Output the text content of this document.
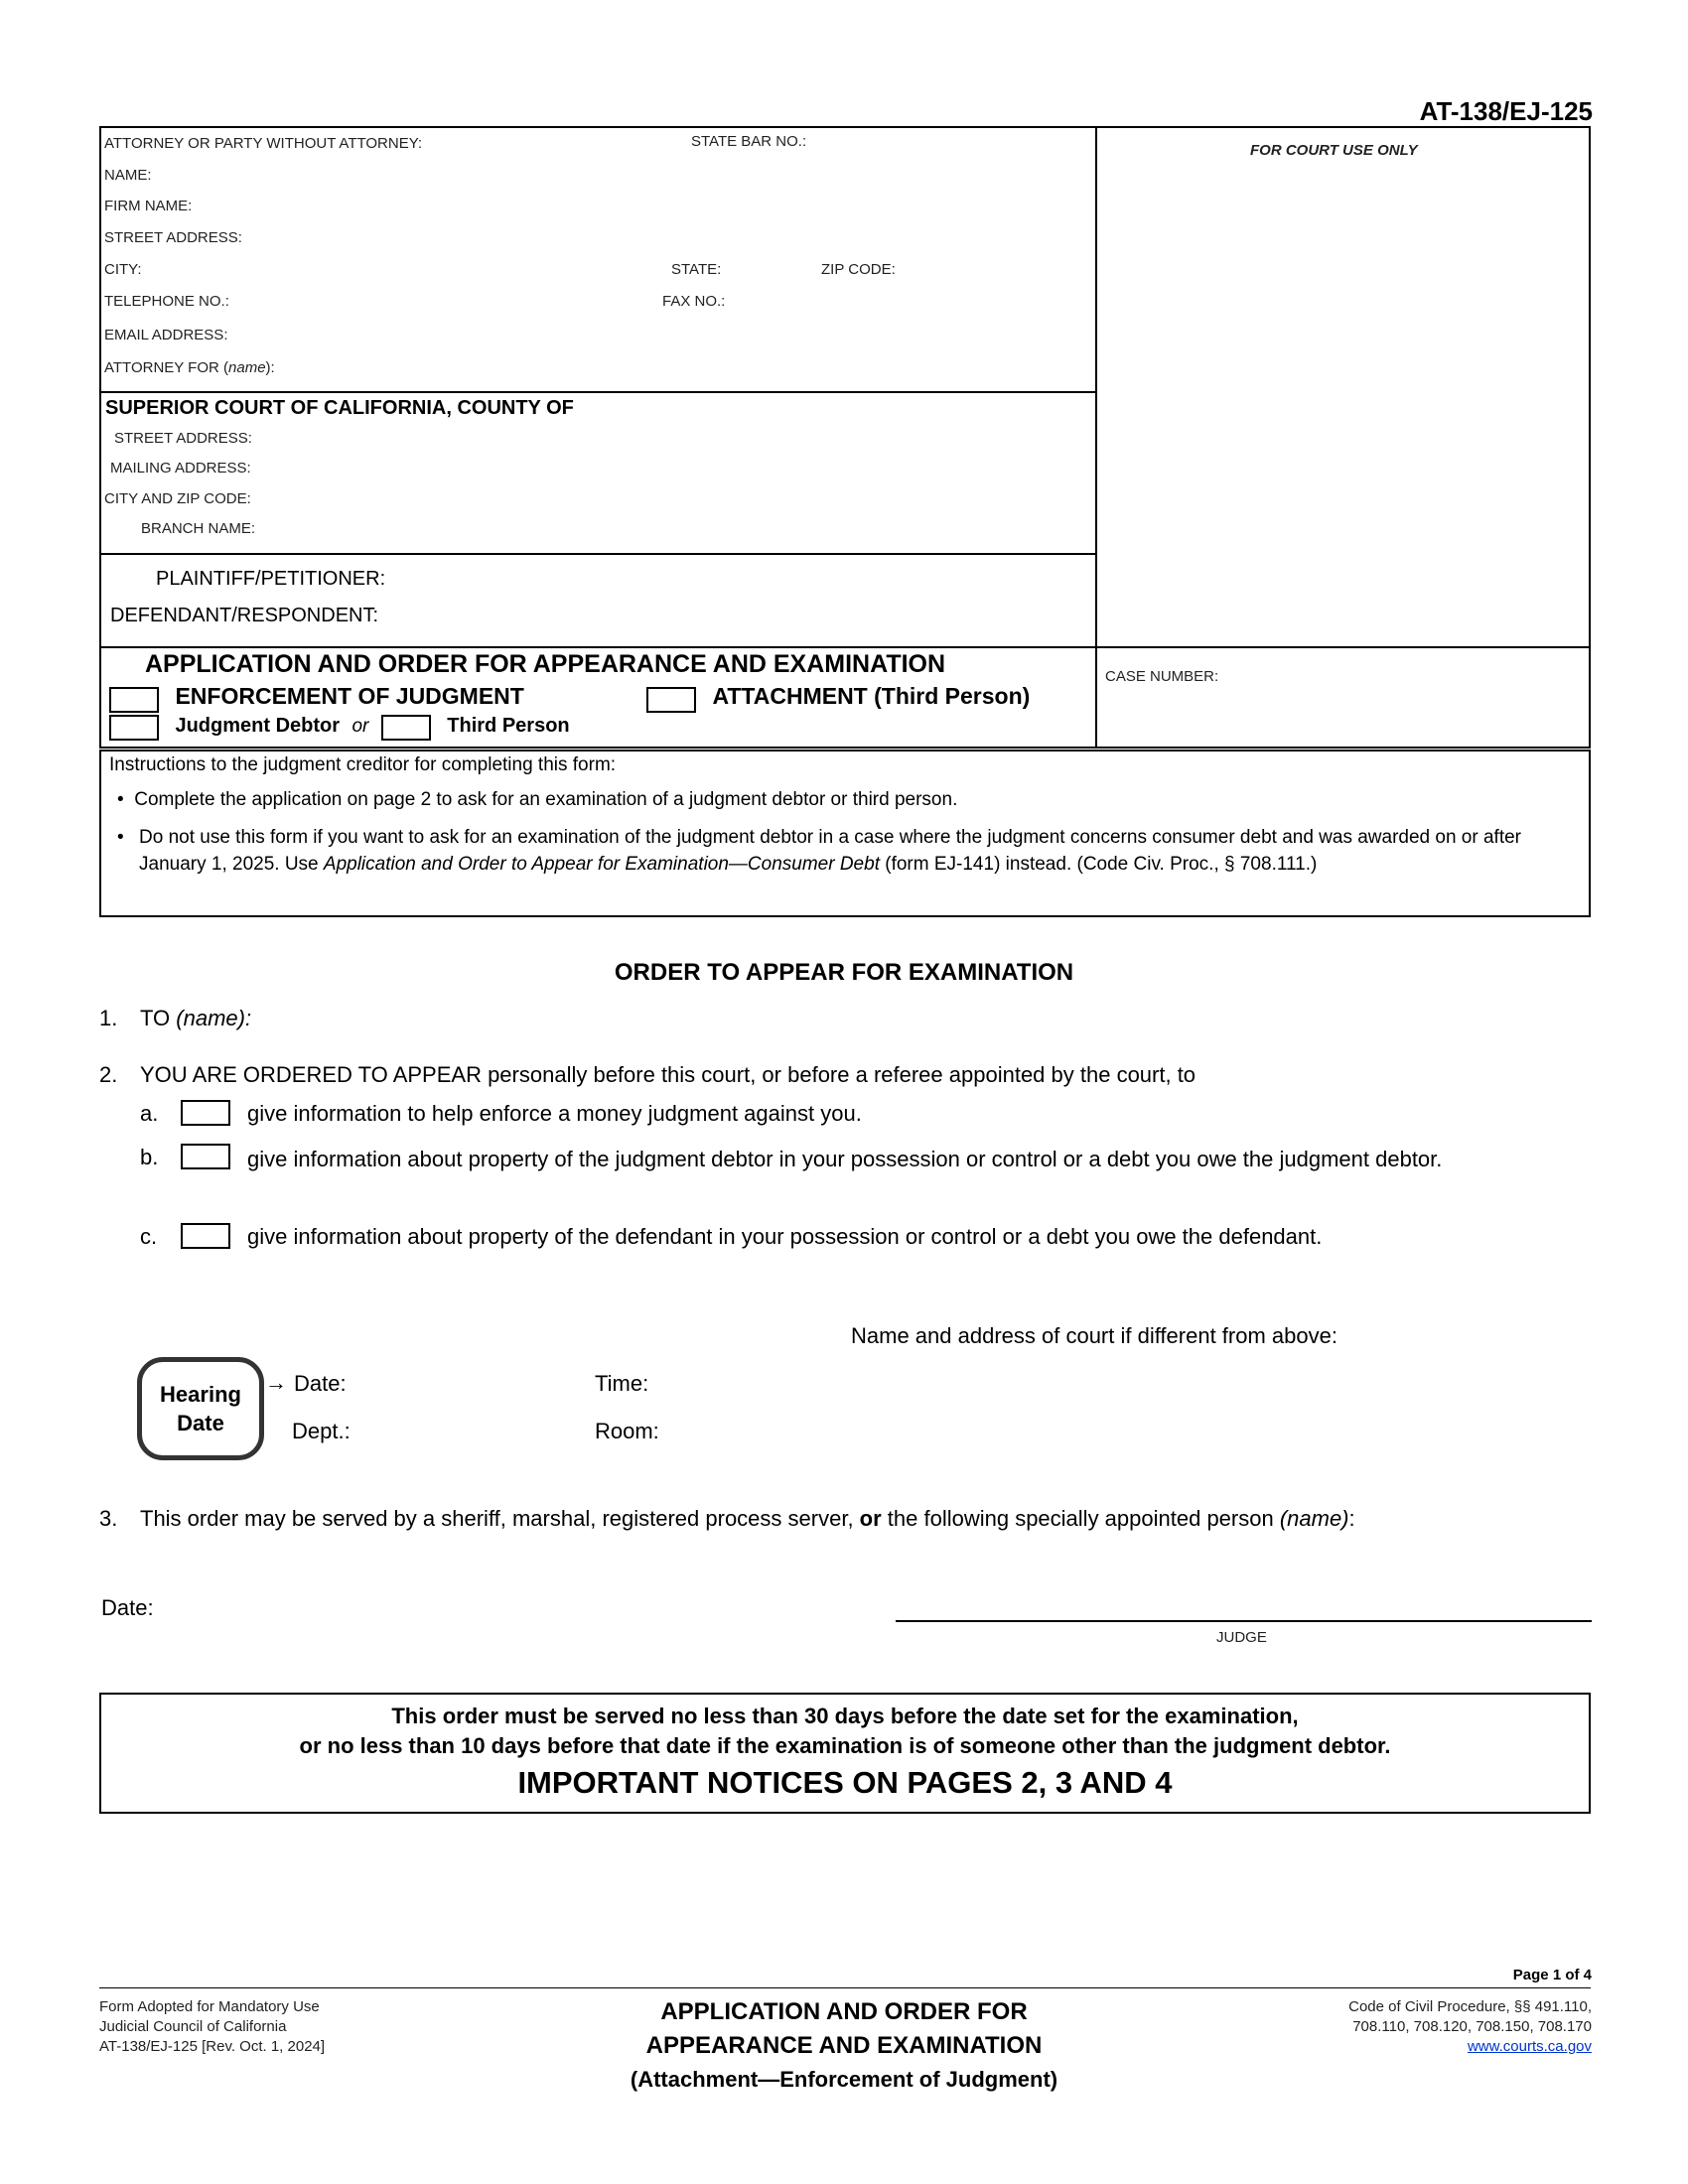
AT-138/EJ-125
ATTORNEY OR PARTY WITHOUT ATTORNEY:	STATE BAR NO.:
FOR COURT USE ONLY
NAME:
FIRM NAME:
STREET ADDRESS:
CITY:	STATE:	ZIP CODE:
TELEPHONE NO.:	FAX NO.:
EMAIL ADDRESS:
ATTORNEY FOR (name):
SUPERIOR COURT OF CALIFORNIA, COUNTY OF
STREET ADDRESS:
MAILING ADDRESS:
CITY AND ZIP CODE:
BRANCH NAME:
PLAINTIFF/PETITIONER:
DEFENDANT/RESPONDENT:
APPLICATION AND ORDER FOR APPEARANCE AND EXAMINATION
ENFORCEMENT OF JUDGMENT	ATTACHMENT (Third Person)
Judgment Debtor or	Third Person
CASE NUMBER:
Instructions to the judgment creditor for completing this form:
•  Complete the application on page 2 to ask for an examination of a judgment debtor or third person.
• Do not use this form if you want to ask for an examination of the judgment debtor in a case where the judgment concerns consumer debt and was awarded on or after January 1, 2025. Use Application and Order to Appear for Examination—Consumer Debt (form EJ-141) instead. (Code Civ. Proc., § 708.111.)
ORDER TO APPEAR FOR EXAMINATION
1. TO (name):
2. YOU ARE ORDERED TO APPEAR personally before this court, or before a referee appointed by the court, to
a.	give information to help enforce a money judgment against you.
b.	give information about property of the judgment debtor in your possession or control or a debt you owe the judgment debtor.
c.	give information about property of the defendant in your possession or control or a debt you owe the defendant.
Name and address of court if different from above:
Hearing
Date
→ Date:	Time:
Dept.:	Room:
3. This order may be served by a sheriff, marshal, registered process server, or the following specially appointed person (name):
Date:
JUDGE
This order must be served no less than 30 days before the date set for the examination,
or no less than 10 days before that date if the examination is of someone other than the judgment debtor.
IMPORTANT NOTICES ON PAGES 2, 3 AND 4
Page 1 of 4
Form Adopted for Mandatory Use
Judicial Council of California
AT-138/EJ-125 [Rev. Oct. 1, 2024]
APPLICATION AND ORDER FOR
APPEARANCE AND EXAMINATION
(Attachment—Enforcement of Judgment)
Code of Civil Procedure, §§ 491.110,
708.110, 708.120, 708.150, 708.170
www.courts.ca.gov
